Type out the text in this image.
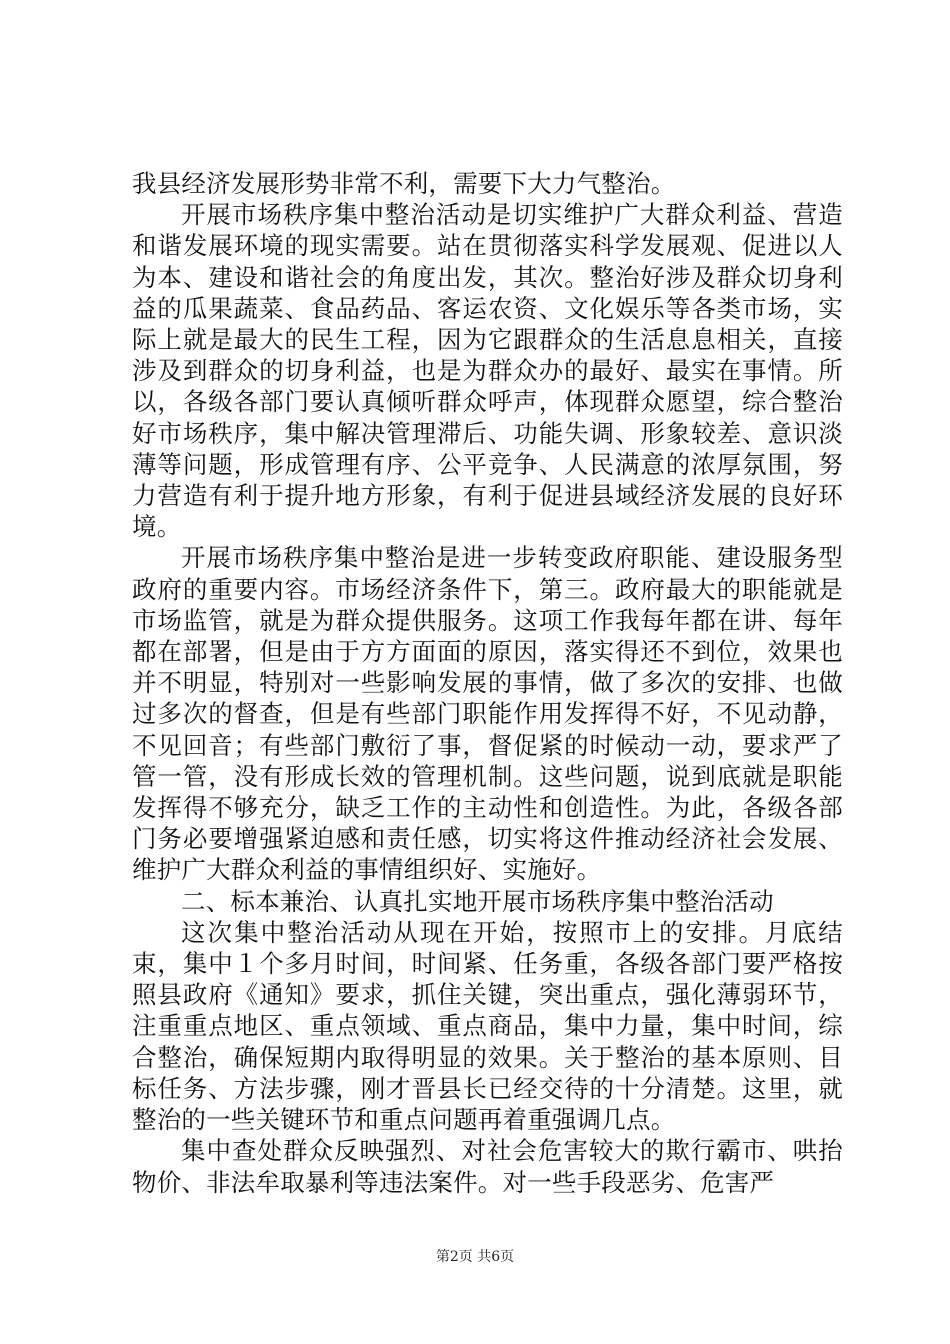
我县经济发展形势非常不利，需要下大力气整治。

开展市场秩序集中整治活动是切实维护广大群众利益、营造和谐发展环境的现实需要。站在贯彻落实科学发展观、促进以人为本、建设和谐社会的角度出发，其次。整治好涉及群众切身利益的瓜果蔬菜、食品药品、客运农资、文化娱乐等各类市场，实际上就是最大的民生工程，因为它跟群众的生活息息相关，直接涉及到群众的切身利益，也是为群众办的最好、最实在事情。所以，各级各部门要认真倾听群众呼声，体现群众愿望，综合整治好市场秩序，集中解决管理滞后、功能失调、形象较差、意识淡薄等问题，形成管理有序、公平竞争、人民满意的浓厚氛围，努力营造有利于提升地方形象，有利于促进县域经济发展的良好环境。

开展市场秩序集中整治是进一步转变政府职能、建设服务型政府的重要内容。市场经济条件下，第三。政府最大的职能就是市场监管，就是为群众提供服务。这项工作我每年都在讲、每年都在部署，但是由于方方面面的原因，落实得还不到位，效果也并不明显，特别对一些影响发展的事情，做了多次的安排、也做过多次的督查，但是有些部门职能作用发挥得不好，不见动静，不见回音；有些部门敷衍了事，督促紧的时候动一动，要求严了管一管，没有形成长效的管理机制。这些问题，说到底就是职能发挥得不够充分，缺乏工作的主动性和创造性。为此，各级各部门务必要增强紧迫感和责任感，切实将这件推动经济社会发展、维护广大群众利益的事情组织好、实施好。

二、标本兼治、认真扎实地开展市场秩序集中整治活动

这次集中整治活动从现在开始，按照市上的安排。月底结束，集中１个多月时间，时间紧、任务重，各级各部门要严格按照县政府《通知》要求，抓住关键，突出重点，强化薄弱环节，注重重点地区、重点领域、重点商品，集中力量，集中时间，综合整治，确保短期内取得明显的效果。关于整治的基本原则、目标任务、方法步骤，刚才晋县长已经交待的十分清楚。这里，就整治的一些关键环节和重点问题再着重强调几点。

集中查处群众反映强烈、对社会危害较大的欺行霸市、哄抬物价、非法牟取暴利等违法案件。对一些手段恶劣、危害严

第2页 共6页
